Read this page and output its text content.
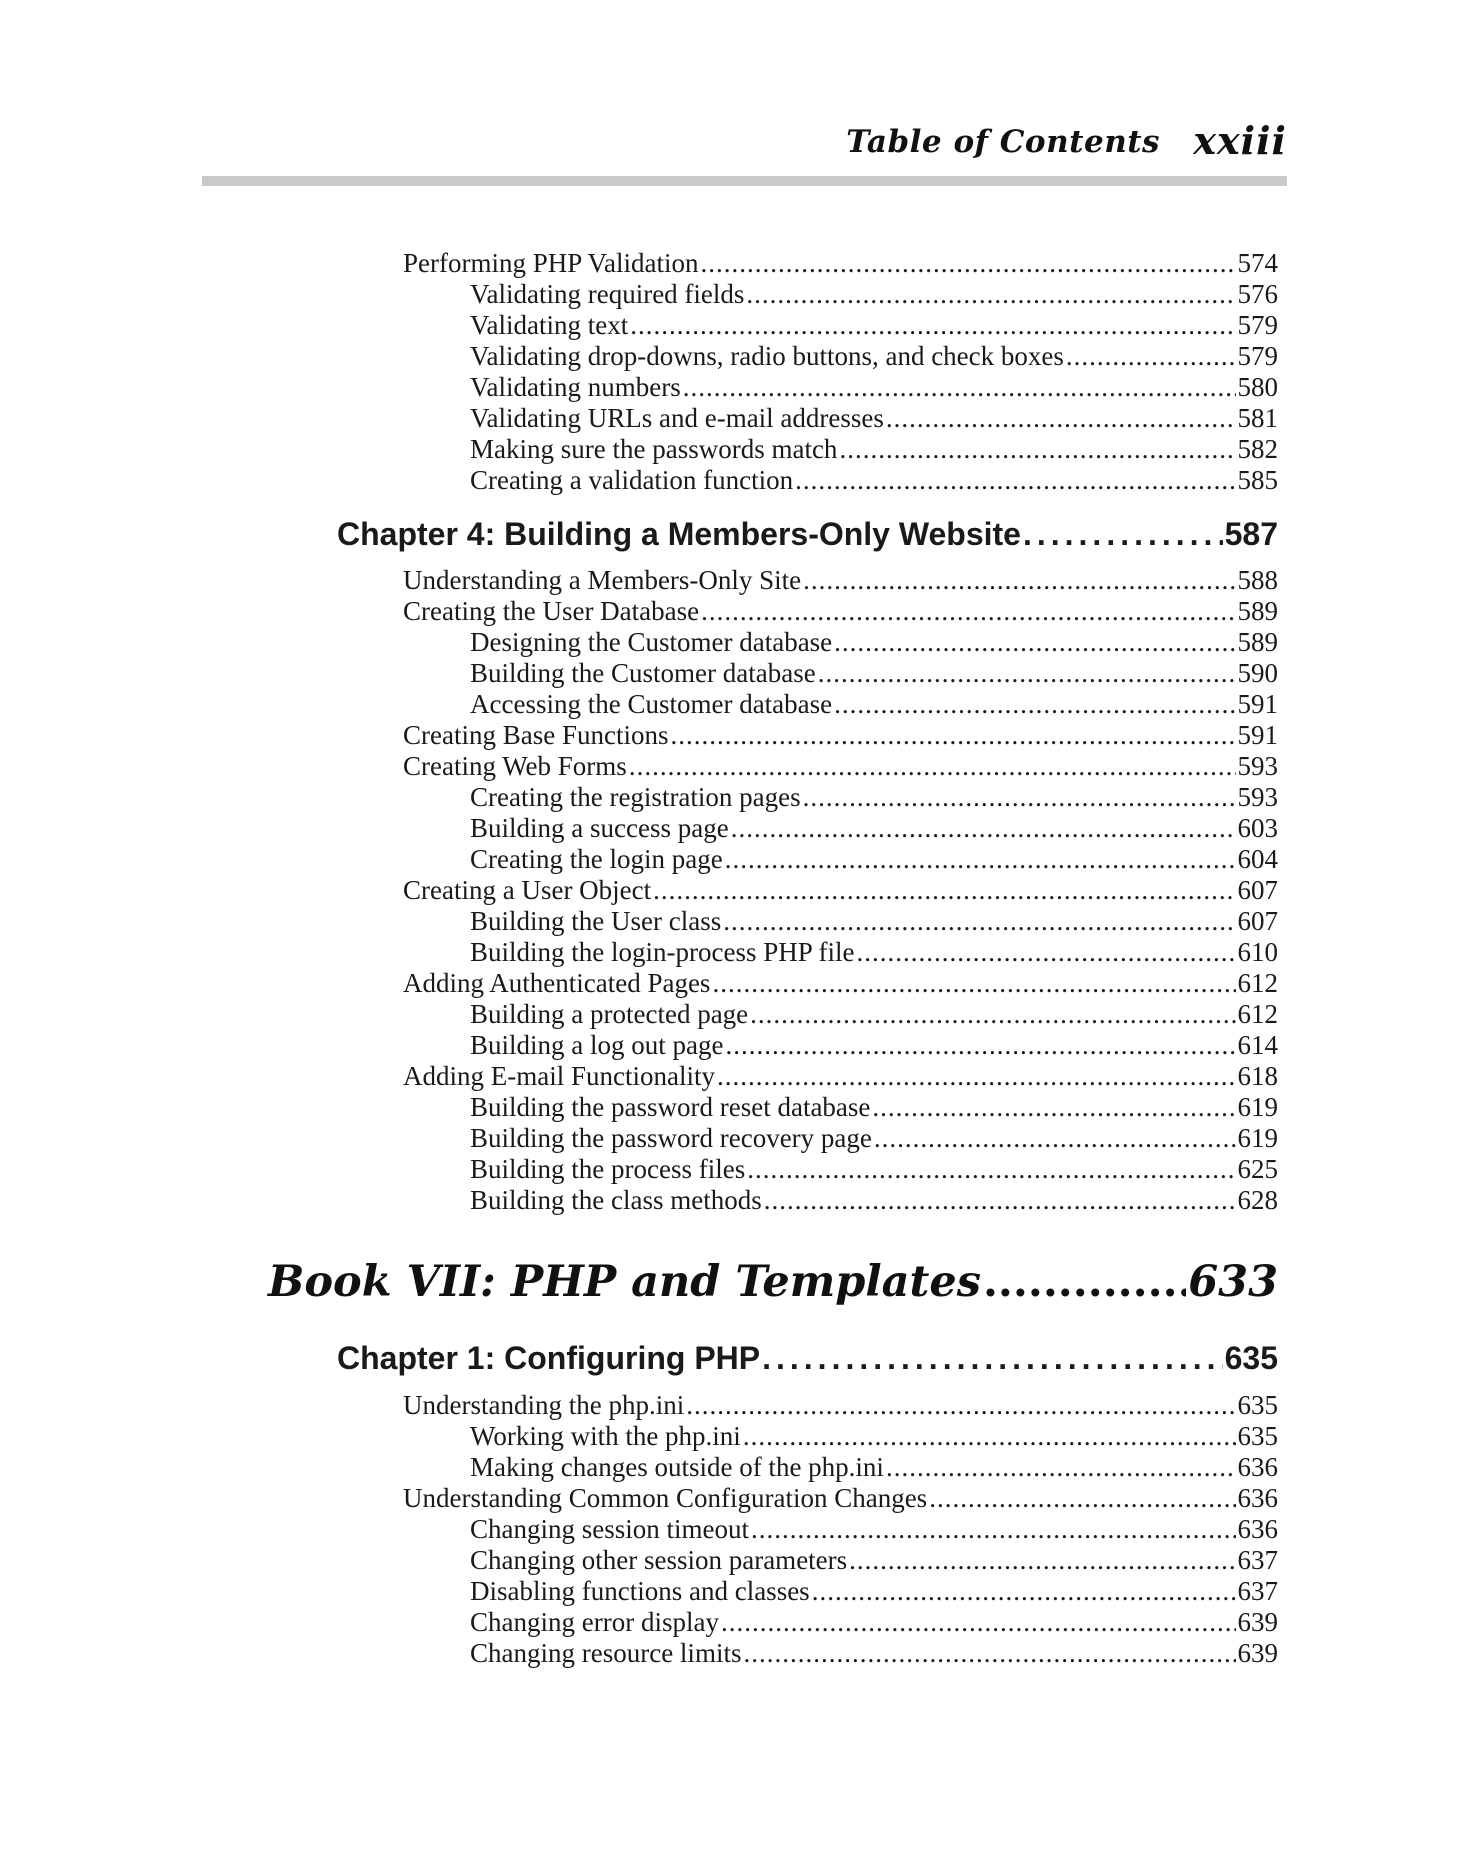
Table of Contents xxiii
Performing PHP Validation .....	574
Validating required fields .....	576
Validating text .....	579
Validating drop-downs, radio buttons, and check boxes .....	579
Validating numbers .....	580
Validating URLs and e-mail addresses .....	581
Making sure the passwords match .....	582
Creating a validation function .....	585
Chapter 4: Building a Members-Only Website .....	587
Understanding a Members-Only Site .....	588
Creating the User Database .....	589
Designing the Customer database .....	589
Building the Customer database .....	590
Accessing the Customer database .....	591
Creating Base Functions .....	591
Creating Web Forms .....	593
Creating the registration pages .....	593
Building a success page .....	603
Creating the login page .....	604
Creating a User Object .....	607
Building the User class .....	607
Building the login-process PHP file .....	610
Adding Authenticated Pages .....	612
Building a protected page .....	612
Building a log out page .....	614
Adding E-mail Functionality .....	618
Building the password reset database .....	619
Building the password recovery page .....	619
Building the process files .....	625
Building the class methods .....	628
Book VII: PHP and Templates .....	633
Chapter 1: Configuring PHP .....	635
Understanding the php.ini .....	635
Working with the php.ini .....	635
Making changes outside of the php.ini .....	636
Understanding Common Configuration Changes .....	636
Changing session timeout .....	636
Changing other session parameters .....	637
Disabling functions and classes .....	637
Changing error display .....	639
Changing resource limits .....	639
